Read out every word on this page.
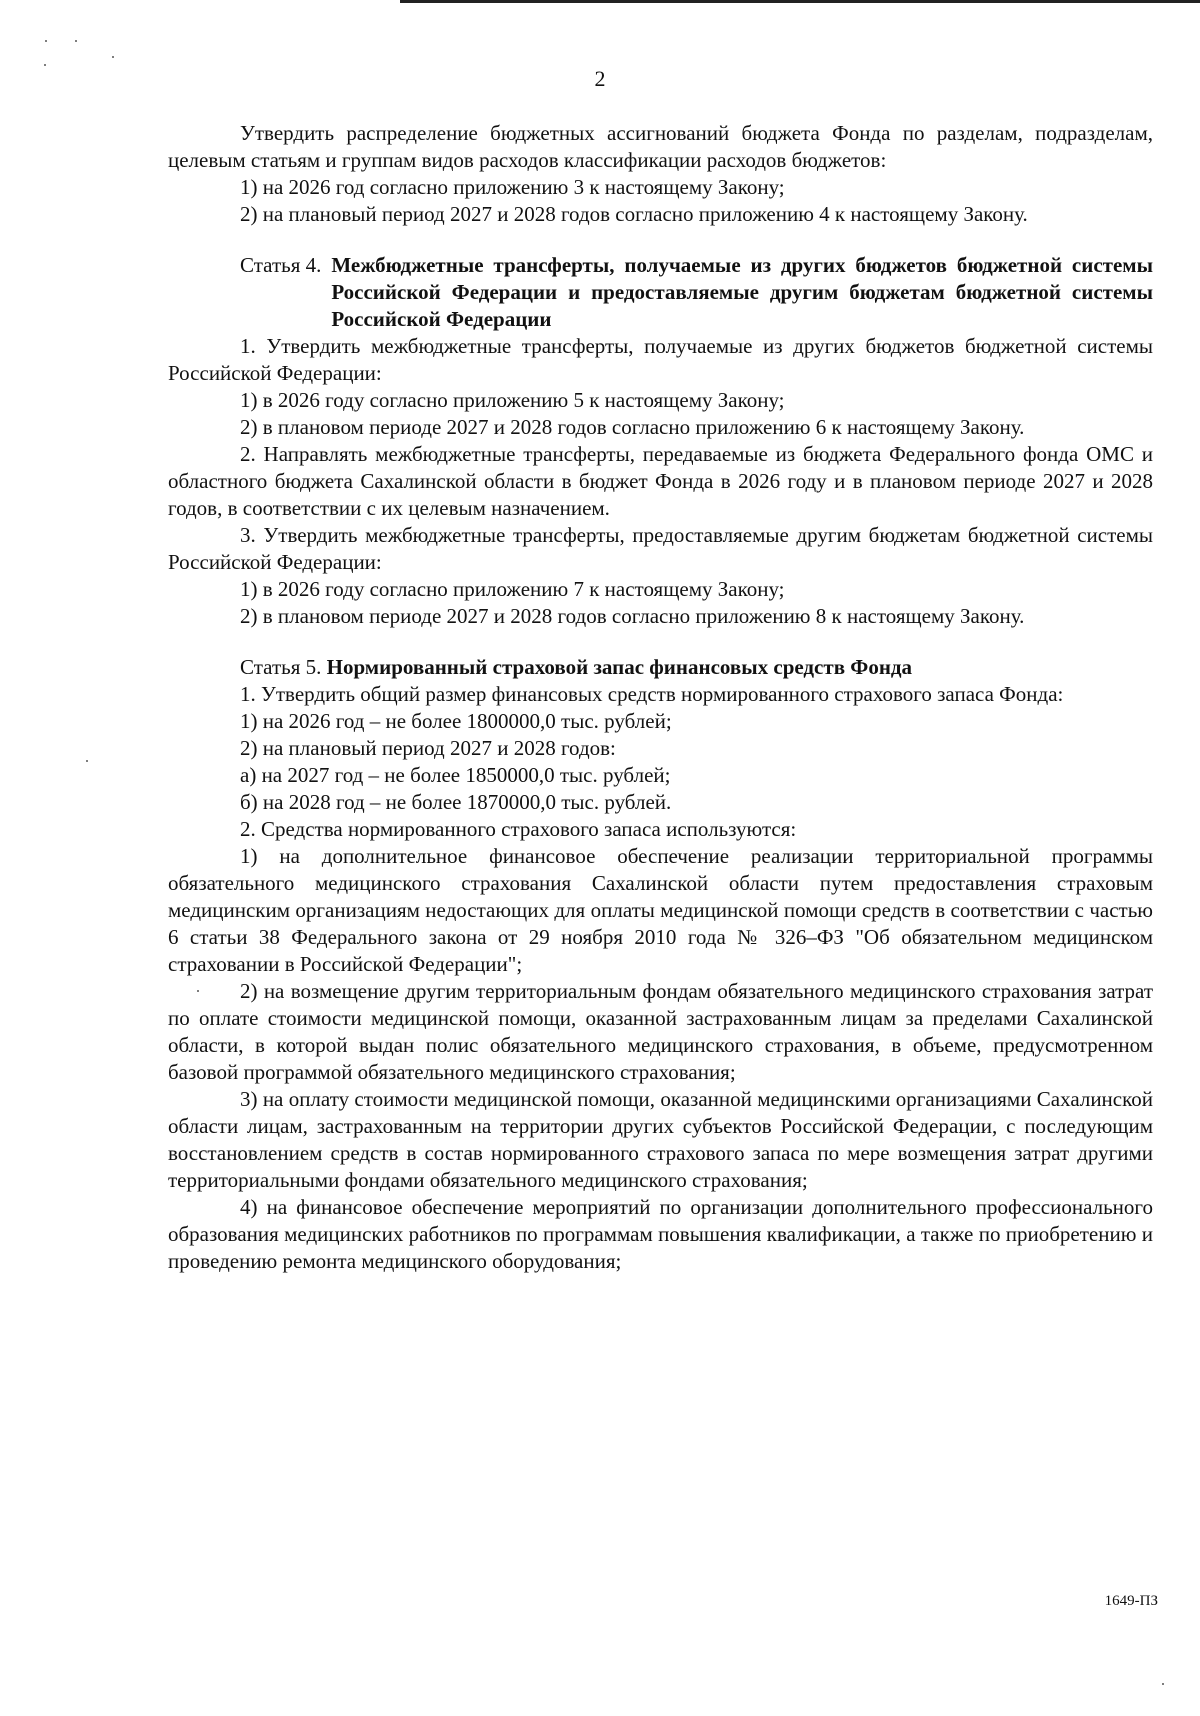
2

Утвердить распределение бюджетных ассигнований бюджета Фонда по разделам, подразделам, целевым статьям и группам видов расходов классификации расходов бюджетов:

1) на 2026 год согласно приложению 3 к настоящему Закону;

2) на плановый период 2027 и 2028 годов согласно приложению 4 к настоящему Закону.

Статья 4. Межбюджетные трансферты, получаемые из других бюджетов бюджетной системы Российской Федерации и предоставляемые другим бюджетам бюджетной системы Российской Федерации

1. Утвердить межбюджетные трансферты, получаемые из других бюджетов бюджетной системы Российской Федерации:

1) в 2026 году согласно приложению 5 к настоящему Закону;

2) в плановом периоде 2027 и 2028 годов согласно приложению 6 к настоящему Закону.

2. Направлять межбюджетные трансферты, передаваемые из бюджета Федерального фонда ОМС и областного бюджета Сахалинской области в бюджет Фонда в 2026 году и в плановом периоде 2027 и 2028 годов, в соответствии с их целевым назначением.

3. Утвердить межбюджетные трансферты, предоставляемые другим бюджетам бюджетной системы Российской Федерации:

1) в 2026 году согласно приложению 7 к настоящему Закону;

2) в плановом периоде 2027 и 2028 годов согласно приложению 8 к настоящему Закону.

Статья 5. Нормированный страховой запас финансовых средств Фонда

1. Утвердить общий размер финансовых средств нормированного страхового запаса Фонда:

1) на 2026 год – не более 1800000,0 тыс. рублей;

2) на плановый период 2027 и 2028 годов:

а) на 2027 год – не более 1850000,0 тыс. рублей;

б) на 2028 год – не более 1870000,0 тыс. рублей.

2. Средства нормированного страхового запаса используются:

1) на дополнительное финансовое обеспечение реализации территориальной программы обязательного медицинского страхования Сахалинской области путем предоставления страховым медицинским организациям недостающих для оплаты медицинской помощи средств в соответствии с частью 6 статьи 38 Федерального закона от 29 ноября 2010 года № 326–ФЗ "Об обязательном медицинском страховании в Российской Федерации";

2) на возмещение другим территориальным фондам обязательного медицинского страхования затрат по оплате стоимости медицинской помощи, оказанной застрахованным лицам за пределами Сахалинской области, в которой выдан полис обязательного медицинского страхования, в объеме, предусмотренном базовой программой обязательного медицинского страхования;

3) на оплату стоимости медицинской помощи, оказанной медицинскими организациями Сахалинской области лицам, застрахованным на территории других субъектов Российской Федерации, с последующим восстановлением средств в состав нормированного страхового запаса по мере возмещения затрат другими территориальными фондами обязательного медицинского страхования;

4) на финансовое обеспечение мероприятий по организации дополнительного профессионального образования медицинских работников по программам повышения квалификации, а также по приобретению и проведению ремонта медицинского оборудования;

1649-ПЗ
